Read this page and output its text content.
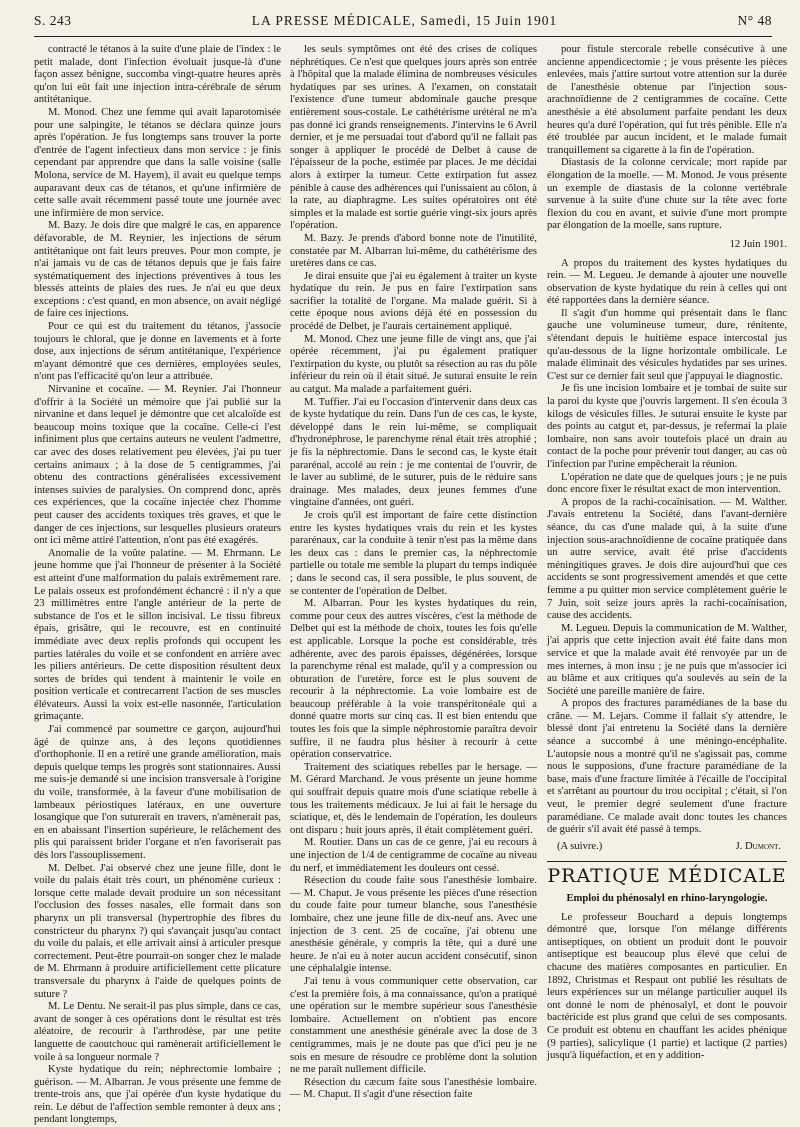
S. 243	LA PRESSE MÉDICALE, Samedi, 15 Juin 1901	N° 48

contracté le tétanos à la suite d'une plaie de l'index : le petit malade, dont l'infection évoluait jusque-là d'une façon assez bénigne, succomba vingt-quatre heures après qu'on lui eût fait une injection intra-cérébrale de sérum antitétanique.

M. Monod. Chez une femme qui avait laparotomisée pour une salpingite, le tétanos se déclara quinze jours après l'opération. Je fus longtemps sans trouver la porte d'entrée de l'agent infectieux dans mon service : je finis cependant par apprendre que dans la salle voisine (salle Molona, service de M. Hayem), il avait eu quelque temps auparavant deux cas de tétanos, et qu'une infirmière de cette salle avait récemment passé toute une journée avec une infirmière de mon service.

M. Bazy. Je dois dire que malgré le cas, en apparence défavorable, de M. Reynier, les injections de sérum antitétanique ont fait leurs preuves. Pour mon compte, je n'ai jamais vu de cas de tétanos depuis que je fais faire systématiquement des injections préventives à tous les blessés atteints de plaies des rues. Je n'ai eu que deux exceptions : c'est quand, en mon absence, on avait négligé de faire ces injections.

Pour ce qui est du traitement du tétanos, j'associe toujours le chloral, que je donne en lavements et à forte dose, aux injections de sérum antitétanique, l'expérience m'ayant démontré que ces dernières, employées seules, n'ont pas l'efficacité qu'on leur a attribuée.

Nirvanine et cocaïne. — M. Reynier. J'ai l'honneur d'offrir à la Société un mémoire que j'ai publié sur la nirvanine et dans lequel je démontre que cet alcaloïde est beaucoup moins toxique que la cocaïne. Celle-ci l'est infiniment plus que certains auteurs ne veulent l'admettre, car avec des doses relativement peu élevées, j'ai pu tuer certains animaux ; à la dose de 5 centigrammes, j'ai obtenu des contractions généralisées excessivement intenses suivies de paralysies. On comprend donc, après ces expériences, que la cocaïne injectée chez l'homme peut causer des accidents toxiques très graves, et que le danger de ces injections, sur lesquelles plusieurs orateurs ont ici même attiré l'attention, n'ont pas été exagérés.

Anomalie de la voûte palatine. — M. Ehrmann. Le jeune homme que j'ai l'honneur de présenter à la Société est atteint d'une malformation du palais extrêmement rare. Le palais osseux est profondément échancré : il n'y a que 23 millimètres entre l'angle antérieur de la perte de substance de l'os et le sillon incisival. Le tissu fibreux épais, grisâtre, qui le recouvre, est en continuité immédiate avec deux replis profonds qui occupent les parties latérales du voile et se confondent en arrière avec les piliers antérieurs. De cette disposition résultent deux sortes de brides qui tendent à maintenir le voile en position verticale et contrecarrent l'action de ses muscles élévateurs. Aussi la voix est-elle nasonnée, l'articulation grimaçante.

J'ai commencé par soumettre ce garçon, aujourd'hui âgé de quinze ans, à des leçons quotidiennes d'orthophonie. Il en a retiré une grande amélioration, mais depuis quelque temps les progrès sont stationnaires. Aussi me suis-je demandé si une incision transversale à l'origine du voile, transformée, à la faveur d'une mobilisation de lambeaux périostiques latéraux, en une ouverture losangique que l'on suturerait en travers, n'amènerait pas, en en abaissant l'insertion supérieure, le relâchement des plis qui paraissent brider l'organe et n'en favoriserait pas dès lors l'assouplissement.

M. Delbet. J'ai observé chez une jeune fille, dont le voile du palais était très court, un phénomène curieux : lorsque cette malade devait produire un son nécessitant l'occlusion des fosses nasales, elle formait dans son pharynx un pli transversal (hypertrophie des fibres du constricteur du pharynx ?) qui s'avançait jusqu'au contact du voile du palais, et elle arrivait ainsi à articuler presque correctement. Peut-être pourrait-on songer chez le malade de M. Ehrmann à produire artificiellement cette plicature transversale du pharynx à l'aide de quelques points de suture ?

M. Le Dentu. Ne serait-il pas plus simple, dans ce cas, avant de songer à ces opérations dont le résultat est très aléatoire, de recourir à l'arthrodèse, par une petite languette de caoutchouc qui ramènerait artificiellement le voile à sa longueur normale ?

Kyste hydatique du rein; néphrectomie lombaire ; guérison. — M. Albarran. Je vous présente une femme de trente-trois ans, que j'ai opérée d'un kyste hydatique du rein. Le début de l'affection semble remonter à deux ans ; pendant longtemps,

les seuls symptômes ont été des crises de coliques néphrétiques. Ce n'est que quelques jours après son entrée à l'hôpital que la malade élimina de nombreuses vésicules hydatiques par ses urines. A l'examen, on constatait l'existence d'une tumeur abdominale gauche presque entièrement sous-costale. Le cathétérisme urétéral ne m'a pas donné ici grands renseignements. J'intervins le 6 Avril dernier, et je me persuadai tout d'abord qu'il ne fallait pas songer à appliquer le procédé de Delbet à cause de l'épaisseur de la poche, estimée par places. Je me décidai alors à extirper la tumeur. Cette extirpation fut assez pénible à cause des adhérences qui l'unissaient au côlon, à la rate, au diaphragme. Les suites opératoires ont été simples et la malade est sortie guérie vingt-six jours après l'opération.

M. Bazy. Je prends d'abord bonne note de l'inutilité, constatée par M. Albarran lui-même, du cathétérisme des uretères dans ce cas.

Je dirai ensuite que j'ai eu également à traiter un kyste hydatique du rein. Je pus en faire l'extirpation sans sacrifier la totalité de l'organe. Ma malade guérit. Si à cette époque nous avions déjà été en possession du procédé de Delbet, je l'aurais certainement appliqué.

M. Monod. Chez une jeune fille de vingt ans, que j'ai opérée récemment, j'ai pu également pratiquer l'extirpation du kyste, ou plutôt sa résection au ras du pôle inférieur du rein où il était situé. Je suturai ensuite le rein au catgut. Ma malade a parfaitement guéri.

M. Tuffier. J'ai eu l'occasion d'intervenir dans deux cas de kyste hydatique du rein. Dans l'un de ces cas, le kyste, développé dans le rein lui-même, se compliquait d'hydronéphrose, le parenchyme rénal était très atrophié ; je fis la néphrectomie. Dans le second cas, le kyste était pararénal, accolé au rein : je me contentai de l'ouvrir, de le laver au sublimé, de le suturer, puis de le réduire sans drainage. Mes malades, deux jeunes femmes d'une vingtaine d'années, ont guéri.

Je crois qu'il est important de faire cette distinction entre les kystes hydatiques vrais du rein et les kystes pararénaux, car la conduite à tenir n'est pas la même dans les deux cas : dans le premier cas, la néphrectomie partielle ou totale me semble la plupart du temps indiquée ; dans le second cas, il sera possible, le plus souvent, de se contenter de l'opération de Delbet.

M. Albarran. Pour les kystes hydatiques du rein, comme pour ceux des autres viscères, c'est la méthode de Delbet qui est la méthode de choix, toutes les fois qu'elle est applicable. Lorsque la poche est considérable, très adhérente, avec des parois épaisses, dégénérées, lorsque la parenchyme rénal est malade, qu'il y a compression ou obturation de l'uretère, force est le plus souvent de recourir à la néphrectomie. La voie lombaire est de beaucoup préférable à la voie transpéritonéale qui a donné quatre morts sur cinq cas. Il est bien entendu que toutes les fois que la simple néphrostomie paraîtra devoir suffire, il ne faudra plus hésiter à recourir à cette opération conservatrice.

Traitement des sciatiques rebelles par le hersage. — M. Gérard Marchand. Je vous présente un jeune homme qui souffrait depuis quatre mois d'une sciatique rebelle à tous les traitements médicaux. Je lui ai fait le hersage du sciatique, et, dès le lendemain de l'opération, les douleurs ont disparu ; huit jours après, il était complètement guéri.

M. Routier. Dans un cas de ce genre, j'ai eu recours à une injection de 1/4 de centigramme de cocaïne au niveau du nerf, et immédiatement les douleurs ont cessé.

Résection du coude faite sous l'anesthésie lombaire. — M. Chaput. Je vous présente les pièces d'une résection du coude faite pour tumeur blanche, sous l'anesthésie lombaire, chez une jeune fille de dix-neuf ans. Avec une injection de 3 cent. 25 de cocaïne, j'ai obtenu une anesthésie générale, y compris la tête, qui a duré une heure. Je n'ai eu à noter aucun accident consécutif, sinon une céphalalgie intense.

J'ai tenu à vous communiquer cette observation, car c'est la première fois, à ma connaissance, qu'on a pratiqué une opération sur le membre supérieur sous l'anesthésie lombaire. Actuellement on n'obtient pas encore constamment une anesthésie générale avec la dose de 3 centigrammes, mais je ne doute pas que d'ici peu je ne sois en mesure de résoudre ce problème dont la solution ne me paraît nullement difficile.

Résection du cæcum faite sous l'anesthésie lombaire. — M. Chaput. Il s'agit d'une résection faite

pour fistule stercorale rebelle consécutive à une ancienne appendicectomie ; je vous présente les pièces enlevées, mais j'attire surtout votre attention sur la durée de l'anesthésie obtenue par l'injection sous-arachnoïdienne de 2 centigrammes de cocaïne. Cette anesthésie a été absolument parfaite pendant les deux heures qu'a duré l'opération, qui fut très pénible. Elle n'a été troublée par aucun incident, et le malade fumait tranquillement sa cigarette à la fin de l'opération.

Diastasis de la colonne cervicale; mort rapide par élongation de la moelle. — M. Monod. Je vous présente un exemple de diastasis de la colonne vertébrale survenue à la suite d'une chute sur la tête avec forte flexion du cou en avant, et suivie d'une mort prompte par élongation de la moelle, sans rupture.

12 Juin 1901.

A propos du traitement des kystes hydatiques du rein. — M. Legueu. Je demande à ajouter une nouvelle observation de kyste hydatique du rein à celles qui ont été rapportées dans la dernière séance.

Il s'agit d'un homme qui présentait dans le flanc gauche une volumineuse tumeur, dure, rénitente, s'étendant depuis le huitième espace intercostal jus qu'au-dessous de la ligne horizontale ombilicale. Le malade éliminait des vésicules hydatides par ses urines. C'est sur ce dernier fait seul que j'appuyai le diagnostic.

Je fis une incision lombaire et je tombai de suite sur la paroi du kyste que j'ouvris largement. Il s'en écoula 3 kilogs de vésicules filles. Je suturai ensuite le kyste par des points au catgut et, par-dessus, je refermai la plaie lombaire, non sans avoir toutefois placé un drain au contact de la poche pour prévenir tout danger, au cas où l'infection par l'urine empêcherait la réunion.

L'opération ne date que de quelques jours ; je ne puis donc encore fixer le résultat exact de mon intervention.

A propos de la rachi-cocaïnisation. — M. Walther. J'avais entretenu la Société, dans l'avant-dernière séance, du cas d'une malade qui, à la suite d'une injection sous-arachnoïdienne de cocaïne pratiquée dans un autre service, avait été prise d'accidents méningitiques graves. Je dois dire aujourd'hui que ces accidents se sont progressivement amendés et que cette femme a pu quitter mon service complètement guérie le 7 Juin, soit seize jours après la rachi-cocaïnisation, cause des accidents.

M. Legueu. Depuis la communication de M. Walther, j'ai appris que cette injection avait été faite dans mon service et que la malade avait été renvoyée par un de mes internes, à mon insu ; je ne puis que m'associer ici au blâme et aux critiques qu'a soulevés au sein de la Société une pareille manière de faire.

A propos des fractures paramédianes de la base du crâne. — M. Lejars. Comme il fallait s'y attendre, le blessé dont j'ai entretenu la Société dans la dernière séance a succombé à une méningo-encéphalite. L'autopsie nous a montré qu'il ne s'agissait pas, comme nous le supposions, d'une fracture paramédiane de la base, mais d'une fracture limitée à l'écaille de l'occipital et s'arrêtant au pourtour du trou occipital ; c'était, si l'on veut, le premier degré seulement d'une fracture paramédiane. Ce malade avait donc toutes les chances de guérir s'il avait été passé à temps.

(A suivre.)	J. Dumont.
PRATIQUE MÉDICALE
Emploi du phénosalyl en rhino-laryngologie.

Le professeur Bouchard a depuis longtemps démontré que, lorsque l'on mélange différents antiseptiques, on obtient un produit dont le pouvoir antiseptique est beaucoup plus élevé que celui de chacune des matières composantes en particulier. En 1892, Christmas et Respaut ont publié les résultats de leurs expériences sur un mélange particulier auquel ils ont donné le nom de phénosalyl, et dont le pouvoir bactéricide est plus grand que celui de ses composants. Ce produit est obtenu en chauffant les acides phénique (9 parties), salicylique (1 partie) et lactique (2 parties) jusqu'à liquéfaction, et en y addition-
